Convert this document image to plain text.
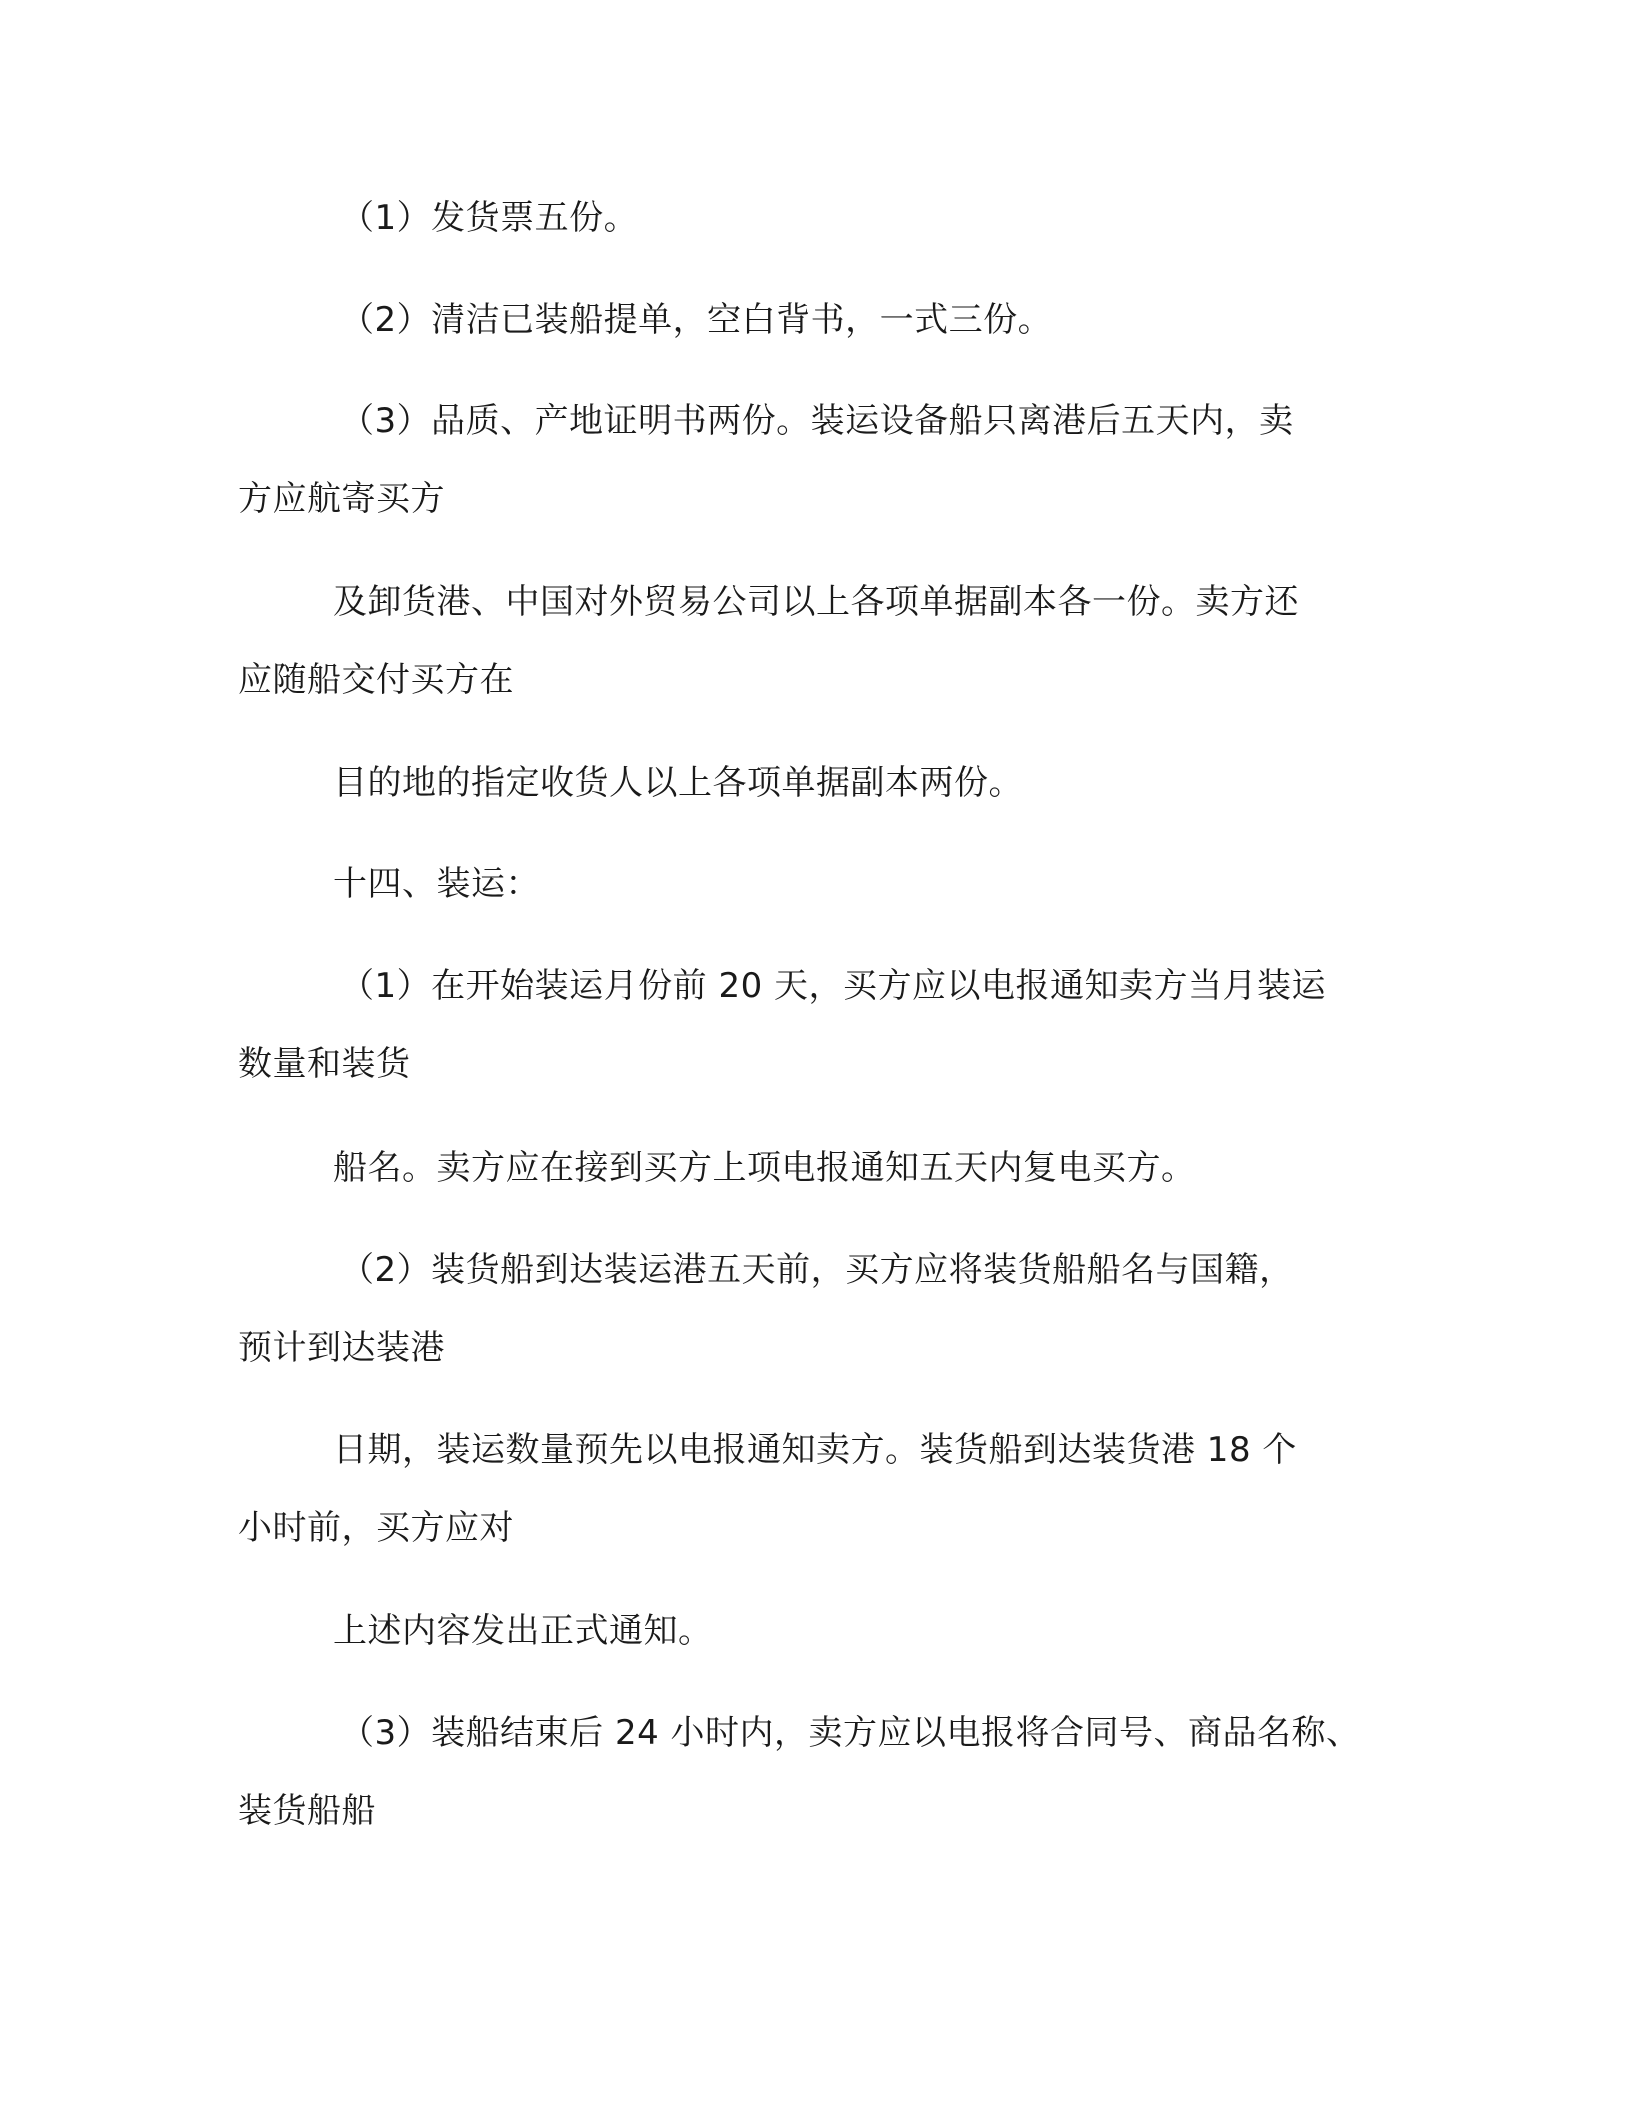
（1）发货票五份。
（2）清洁已装船提单，空白背书，一式三份。
（3）品质、产地证明书两份。装运设备船只离港后五天内，卖
方应航寄买方
及卸货港、中国对外贸易公司以上各项单据副本各一份。卖方还
应随船交付买方在
目的地的指定收货人以上各项单据副本两份。
十四、装运：
（1）在开始装运月份前 20 天，买方应以电报通知卖方当月装运
数量和装货
船名。卖方应在接到买方上项电报通知五天内复电买方。
（2）装货船到达装运港五天前，买方应将装货船船名与国籍，
预计到达装港
日期，装运数量预先以电报通知卖方。装货船到达装货港 18 个
小时前，买方应对
上述内容发出正式通知。
（3）装船结束后 24 小时内，卖方应以电报将合同号、商品名称、
装货船船
